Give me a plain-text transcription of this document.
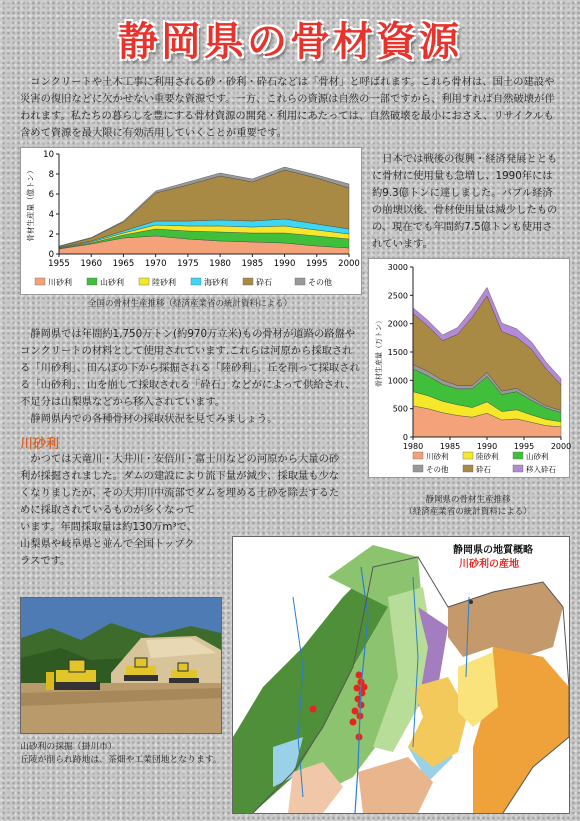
静岡県の骨材資源

コンクリートや土木工事に利用される砂・砂利・砕石などは「骨材」と呼ばれます。これら骨材は、国土の建設や災害の復旧などに欠かせない重要な資源です。一方、これらの資源は自然の一部ですから、利用すれば自然破壊が伴われます。私たちの暮らしを豊にする骨材資源の開発・利用にあたっては、自然破壊を最小におさえ、リサイクルも含めて資源を最大限に有効活用していくことが重要です。

0
2
4
6
8
10
1955 1960 1965 1970 1975 1980 1985 1990 1995 2000
骨材生産量（億トン）
川砂利	山砂利	陸砂利	海砂利	砕石	その他
全国の骨材生産推移（経済産業省の統計資料による）

日本では戦後の復興・経済発展とともに骨材に使用量も急増し、1990年には約9.3億トンに達しました。バブル経済の崩壊以後、骨材使用量は減少したものの、現在でも年間約7.5億トンも使用されています。

0
500
1000
1500
2000
2500
3000
1980 1985 1990 1995 2000
骨材生産量（万トン）
川砂利	陸砂利	山砂利
その他	砕石	移入砕石
静岡県の骨材生産推移
（経済産業省の統計資料による）
静岡県では年間約1,750万トン(約970万立米)もの骨材が道路の路盤やコンクリートの材料として使用されています.これらは河原から採取される「川砂利」、田んぼの下から採掘される「陸砂利」、丘を削って採取される「山砂利」、山を崩して採取される「砕石」などがによって供給され、不足分は山梨県などから移入されています。
静岡県内での各種骨材の採取状況を見てみましょう。
川砂利
　かつては天竜川・大井川・安倍川・富士川などの河原から大量の砂
利が採掘されました。ダムの建設により流下量が減少、採取量も少な
くなりましたが、その大井川中流部でダムを埋める土砂を除去するた
めに採取されているものが多くなって
います。年間採取量は約130万m³で、
山梨県や岐阜県と並んで全国トップク
ラスです。
山砂利の採掘（掛川市）
丘陵が削られ跡地は、茶畑や工業団地となります。
静岡県の地質概略
川砂利の産地
